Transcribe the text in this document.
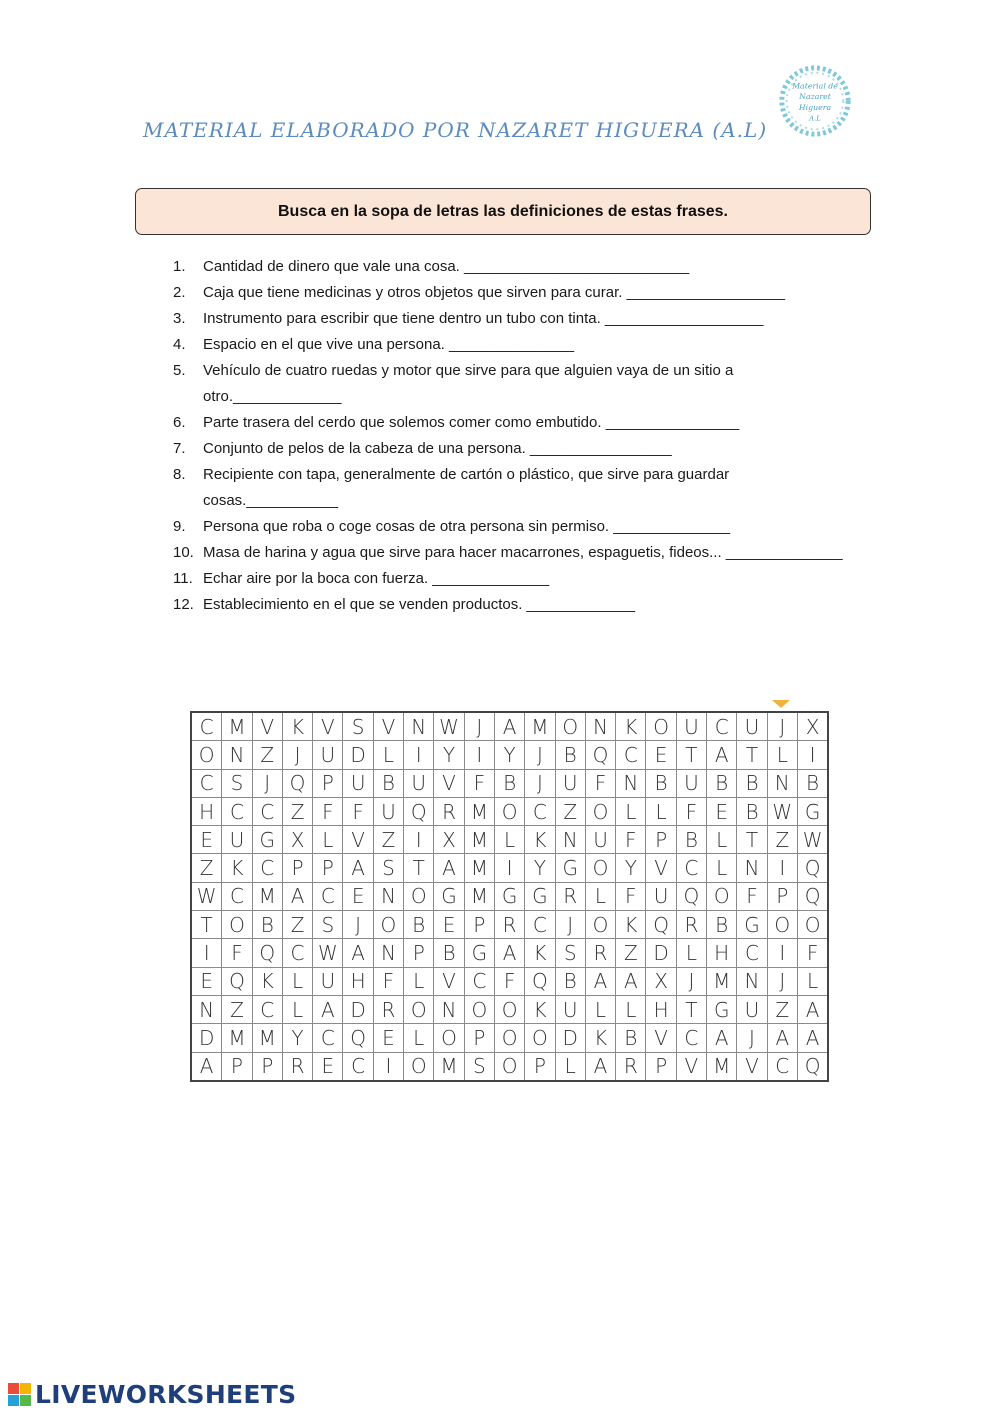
MATERIAL ELABORADO POR NAZARET HIGUERA (A.L)
Material de
Nazaret
Higuera
A.L
Busca en la sopa de letras las definiciones de estas frases.
1.	Cantidad de dinero que vale una cosa. ___________________________
2.	Caja que tiene medicinas y otros objetos que sirven para curar. ___________________
3.	Instrumento para escribir que tiene dentro un tubo con tinta. ___________________
4.	Espacio en el que vive una persona. _______________
5.	Vehículo de cuatro ruedas y motor que sirve para que alguien vaya de un sitio a otro._____________
6.	Parte trasera del cerdo que solemos comer como embutido. ________________
7.	Conjunto de pelos de la cabeza de una persona. _________________
8.	Recipiente con tapa, generalmente de cartón o plástico, que sirve para guardar cosas.___________
9.	Persona que roba o coge cosas de otra persona sin permiso. ______________
10. Masa de harina y agua que sirve para hacer macarrones, espaguetis, fideos... ______________
11. Echar aire por la boca con fuerza. ______________
12. Establecimiento en el que se venden productos. _____________
C	M	V	K	V	S	V	N	W	J	A	M	O	N	K	O	U	C	U	J	X
O	N	Z	J	U	D	L	I	Y	I	Y	J	B	Q	C	E	T	A	T	L	I
C	S	J	Q	P	U	B	U	V	F	B	J	U	F	N	B	U	B	B	N	B
H	C	C	Z	F	F	U	Q	R	M	O	C	Z	O	L	L	F	E	B	W	G
E	U	G	X	L	V	Z	I	X	M	L	K	N	U	F	P	B	L	T	Z	W
Z	K	C	P	P	A	S	T	A	M	I	Y	G	O	Y	V	C	L	N	I	Q
W	C	M	A	C	E	N	O	G	M	G	G	R	L	F	U	Q	O	F	P	Q
T	O	B	Z	S	J	O	B	E	P	R	C	J	O	K	Q	R	B	G	O	O
I	F	Q	C	W	A	N	P	B	G	A	K	S	R	Z	D	L	H	C	I	F
E	Q	K	L	U	H	F	L	V	C	F	Q	B	A	A	X	J	M	N	J	L
N	Z	C	L	A	D	R	O	N	O	O	K	U	L	L	H	T	G	U	Z	A
D	M	M	Y	C	Q	E	L	O	P	O	O	D	K	B	V	C	A	J	A	A
A	P	P	R	E	C	I	O	M	S	O	P	L	A	R	P	V	M	V	C	Q
LIVEWORKSHEETS
